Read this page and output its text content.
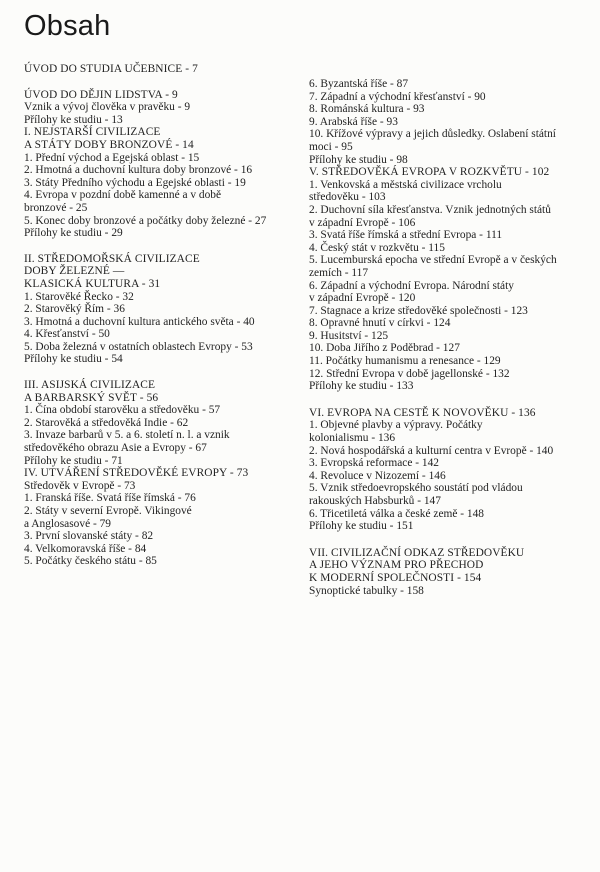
Obsah
ÚVOD DO STUDIA UČEBNICE - 7
ÚVOD DO DĚJIN LIDSTVA - 9
Vznik a vývoj člověka v pravěku - 9
Přílohy ke studiu - 13
I. NEJSTARŠÍ CIVILIZACE
A STÁTY DOBY BRONZOVÉ - 14
1. Přední východ a Egejská oblast - 15
2. Hmotná a duchovní kultura doby bronzové - 16
3. Státy Předního východu a Egejské oblasti - 19
4. Evropa v pozdní době kamenné a v době
bronzové - 25
5. Konec doby bronzové a počátky doby železné - 27
Přílohy ke studiu - 29
II. STŘEDOMOŘSKÁ CIVILIZACE
DOBY ŽELEZNÉ —
KLASICKÁ KULTURA - 31
1. Starověké Řecko - 32
2. Starověký Řím - 36
3. Hmotná a duchovní kultura antického světa - 40
4. Křesťanství - 50
5. Doba železná v ostatních oblastech Evropy - 53
Přílohy ke studiu - 54
III. ASIJSKÁ CIVILIZACE
A BARBARSKÝ SVĚT - 56
1. Čína období starověku a středověku - 57
2. Starověká a středověká Indie - 62
3. Invaze barbarů v 5. a 6. století n. l. a vznik
středověkého obrazu Asie a Evropy - 67
Přílohy ke studiu - 71
IV. UTVÁŘENÍ STŘEDOVĚKÉ EVROPY - 73
Středověk v Evropě - 73
1. Franská říše. Svatá říše římská - 76
2. Státy v severní Evropě. Vikingové
a Anglosasové - 79
3. První slovanské státy - 82
4. Velkomoravská říše - 84
5. Počátky českého státu - 85
6. Byzantská říše - 87
7. Západní a východní křesťanství - 90
8. Románská kultura - 93
9. Arabská říše - 93
10. Křížové výpravy a jejich důsledky. Oslabení státní
moci - 95
Přílohy ke studiu - 98
V. STŘEDOVĚKÁ EVROPA V ROZKVĚTU - 102
1. Venkovská a městská civilizace vrcholu
středověku - 103
2. Duchovní síla křesťanstva. Vznik jednotných států
v západní Evropě - 106
3. Svatá říše římská a střední Evropa - 111
4. Český stát v rozkvětu - 115
5. Lucemburská epocha ve střední Evropě a v českých
zemích - 117
6. Západní a východní Evropa. Národní státy
v západní Evropě - 120
7. Stagnace a krize středověké společnosti - 123
8. Opravné hnutí v církvi - 124
9. Husitství - 125
10. Doba Jiřího z Poděbrad - 127
11. Počátky humanismu a renesance - 129
12. Střední Evropa v době jagellonské - 132
Přílohy ke studiu - 133
VI. EVROPA NA CESTĚ K NOVOVĚKU - 136
1. Objevné plavby a výpravy. Počátky
kolonialismu - 136
2. Nová hospodářská a kulturní centra v Evropě - 140
3. Evropská reformace - 142
4. Revoluce v Nizozemí - 146
5. Vznik středoevropského soustátí pod vládou
rakouských Habsburků - 147
6. Třicetiletá válka a české země - 148
Přílohy ke studiu - 151
VII. CIVILIZAČNÍ ODKAZ STŘEDOVĚKU
A JEHO VÝZNAM PRO PŘECHOD
K MODERNÍ SPOLEČNOSTI - 154
Synoptické tabulky - 158
